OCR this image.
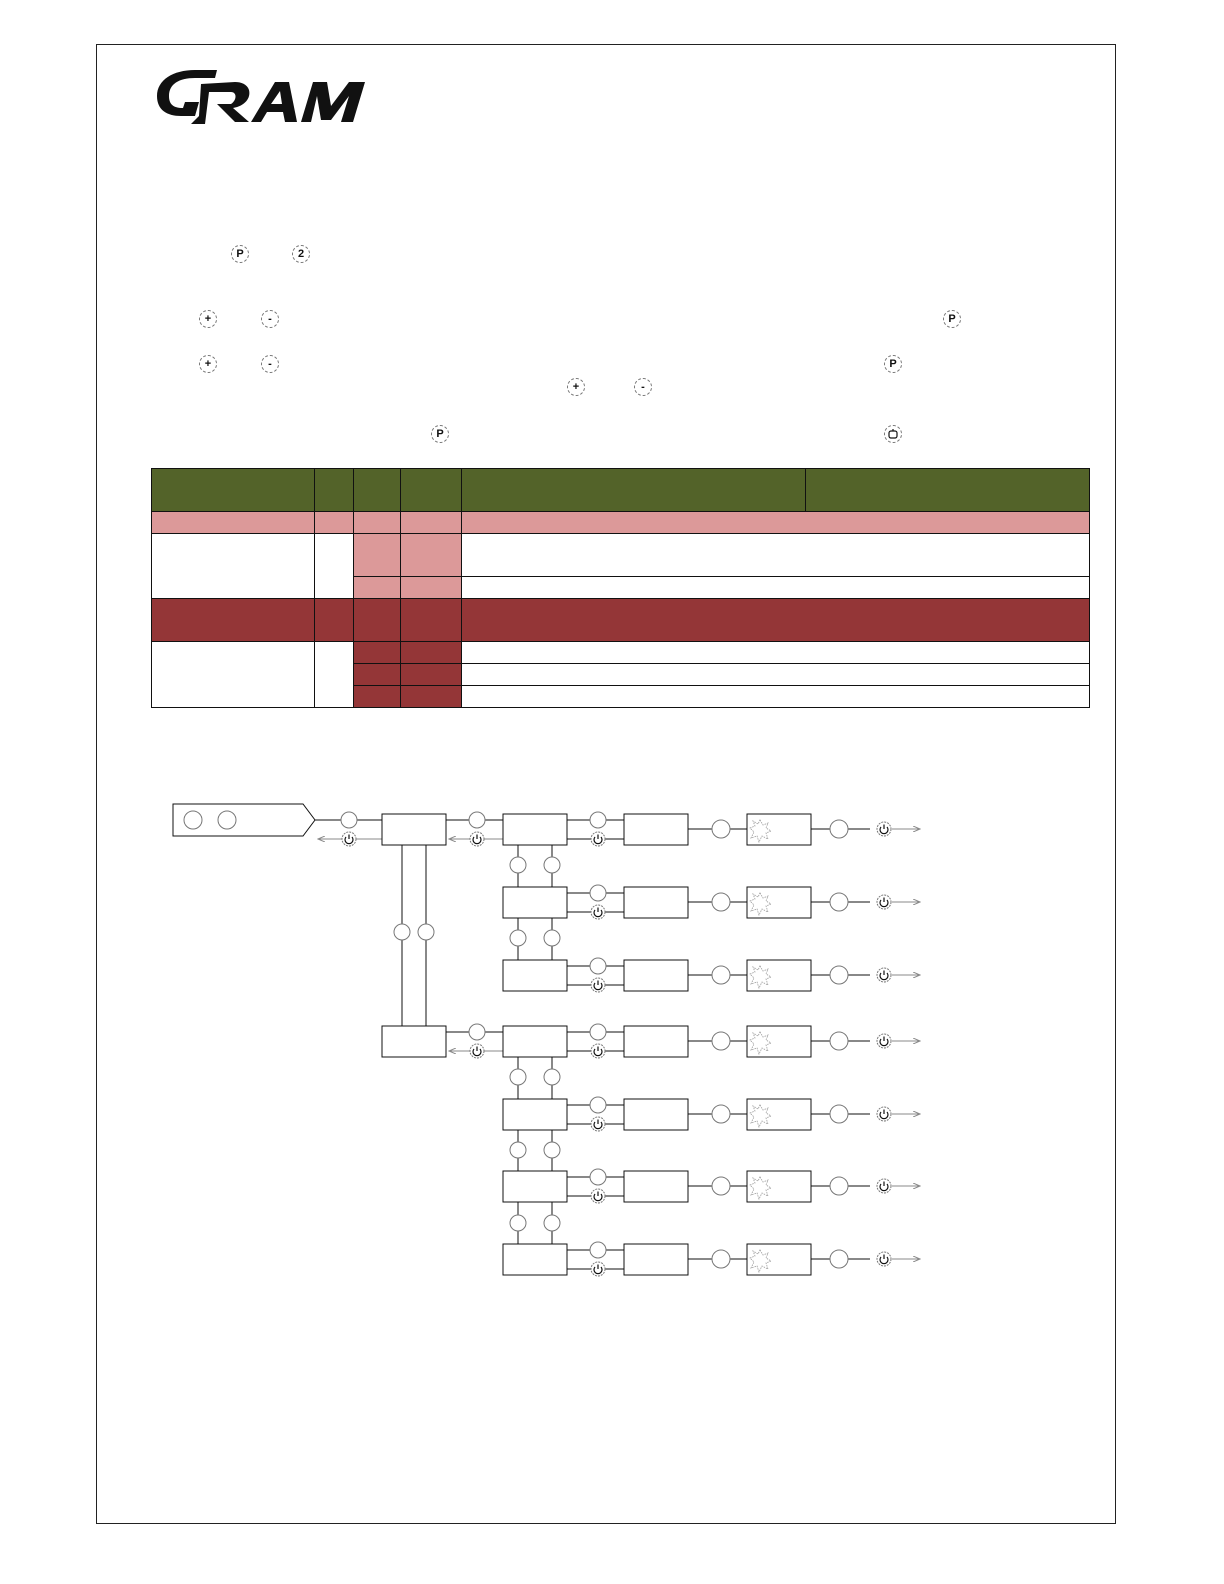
P	2
+	-	P
+	-	P
+	-
P
